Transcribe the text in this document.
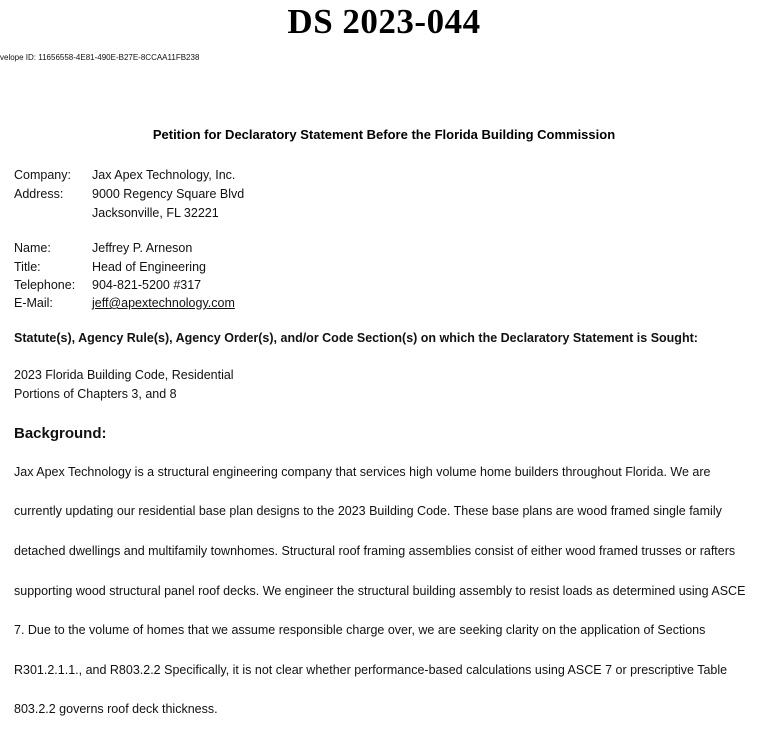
DS 2023-044
velope ID: 11656558-4E81-490E-B27E-8CCAA11FB238
Petition for Declaratory Statement Before the Florida Building Commission
Company: Jax Apex Technology, Inc.
Address: 9000 Regency Square Blvd
Jacksonville, FL 32221
Name:	Jeffrey P. Arneson
Title:	Head of Engineering
Telephone: 904-821-5200 #317
E-Mail:	jeff@apextechnology.com
Statute(s), Agency Rule(s), Agency Order(s), and/or Code Section(s) on which the Declaratory Statement is Sought:
2023 Florida Building Code, Residential
Portions of Chapters 3, and 8
Background:

Jax Apex Technology is a structural engineering company that services high volume home builders throughout Florida. We are

currently updating our residential base plan designs to the 2023 Building Code. These base plans are wood framed single family

detached dwellings and multifamily townhomes. Structural roof framing assemblies consist of either wood framed trusses or rafters

supporting wood structural panel roof decks. We engineer the structural building assembly to resist loads as determined using ASCE

7. Due to the volume of homes that we assume responsible charge over, we are seeking clarity on the application of Sections

R301.2.1.1., and R803.2.2 Specifically, it is not clear whether performance-based calculations using ASCE 7 or prescriptive Table

803.2.2 governs roof deck thickness.
